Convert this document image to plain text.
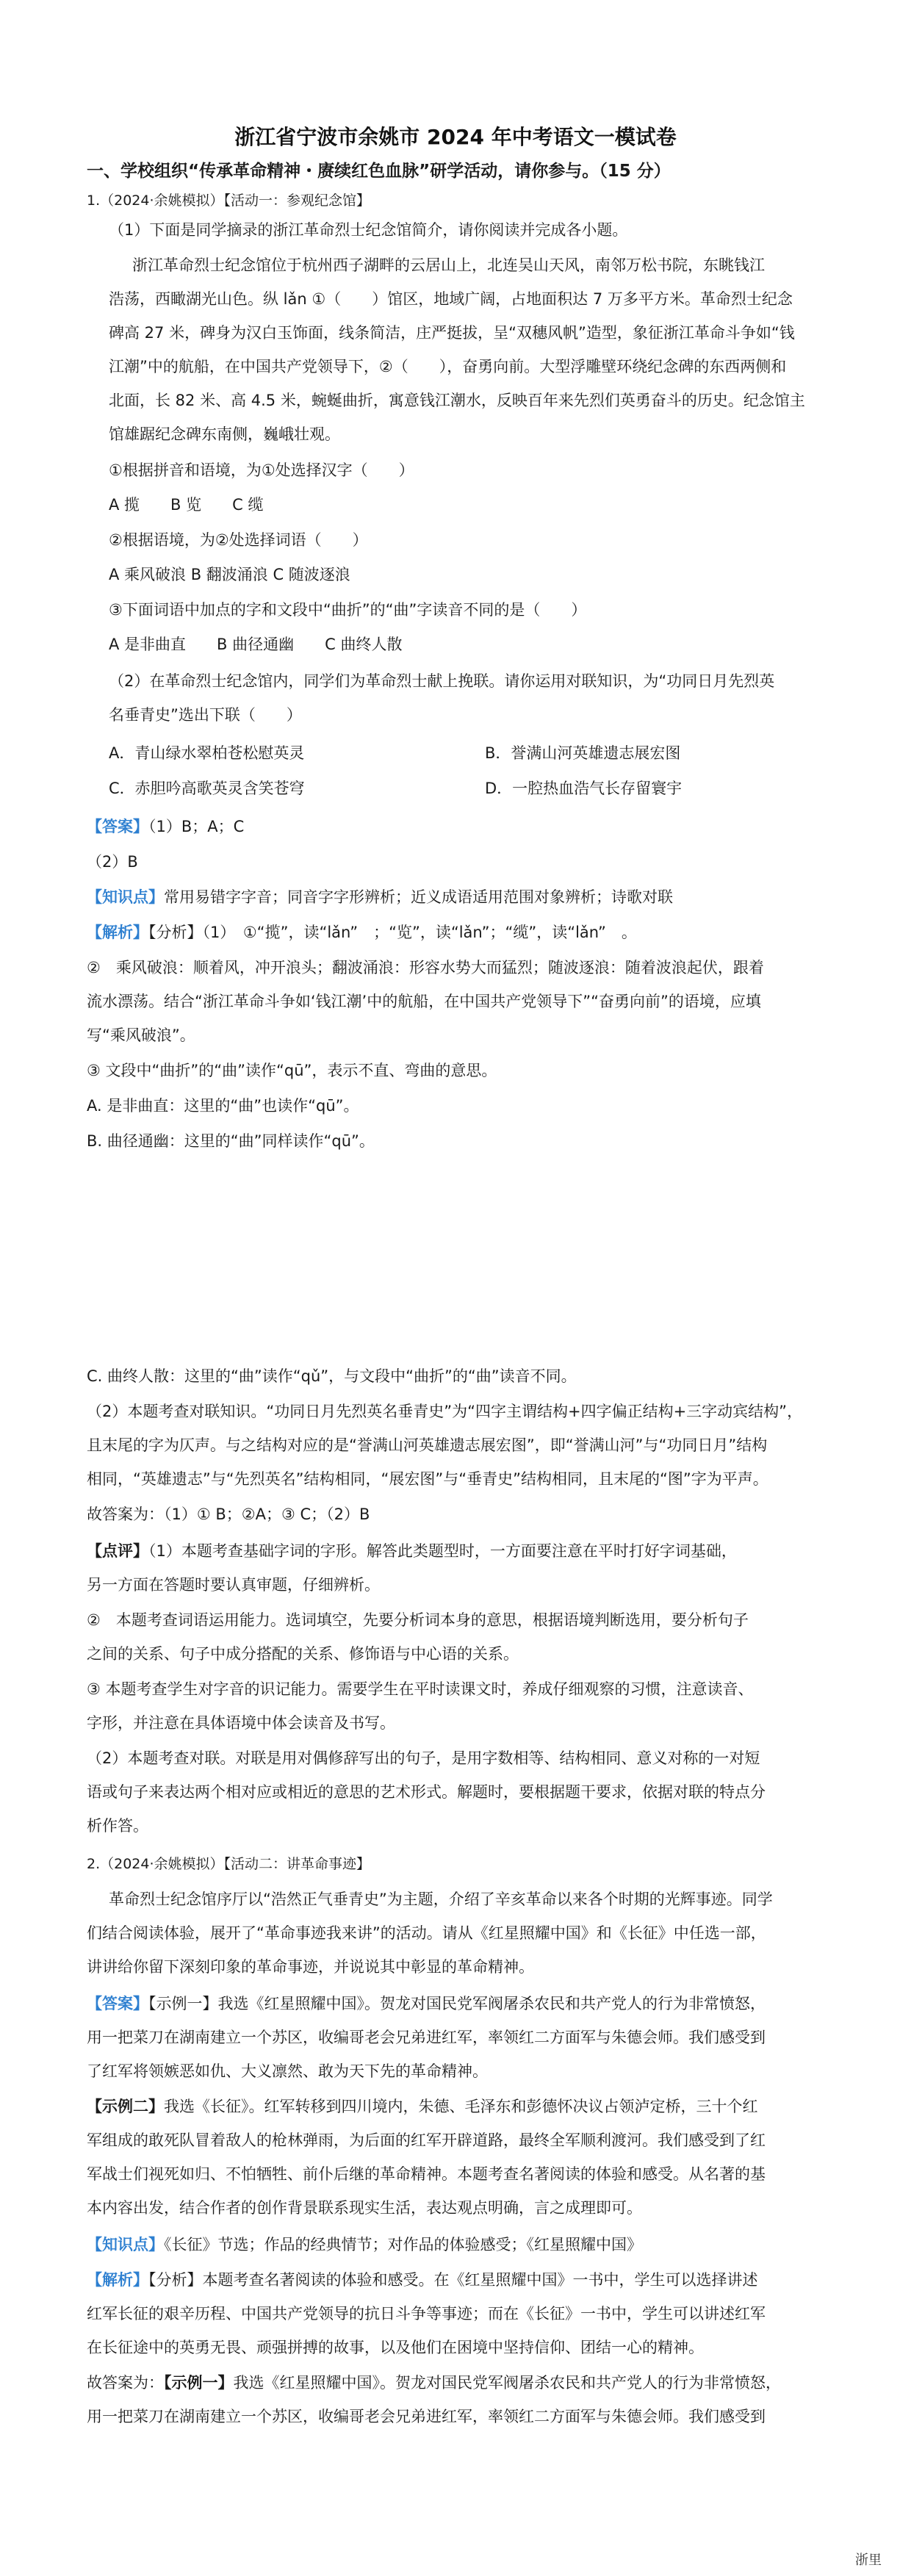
浙江省宁波市余姚市 2024 年中考语文一模试卷

一、学校组织“传承革命精神・赓续红色血脉”研学活动，请你参与。（15 分）

1.（2024·余姚模拟）【活动一：参观纪念馆】

（1）下面是同学摘录的浙江革命烈士纪念馆简介，请你阅读并完成各小题。

浙江革命烈士纪念馆位于杭州西子湖畔的云居山上，北连吴山天风，南邻万松书院，东眺钱江

浩荡，西瞰湖光山色。纵 lǎn ①（　　）馆区，地域广阔，占地面积达 7 万多平方米。革命烈士纪念

碑高 27 米，碑身为汉白玉饰面，线条简洁，庄严挺拔，呈“双穗风帆”造型，象征浙江革命斗争如“钱

江潮”中的航船，在中国共产党领导下，②（　　），奋勇向前。大型浮雕壁环绕纪念碑的东西两侧和

北面，长 82 米、高 4.5 米，蜿蜒曲折，寓意钱江潮水，反映百年来先烈们英勇奋斗的历史。纪念馆主

馆雄踞纪念碑东南侧，巍峨壮观。

①根据拼音和语境，为①处选择汉字（　　）

A 揽　　B 览　　C 缆

②根据语境，为②处选择词语（　　）

A 乘风破浪 B 翻波涌浪 C 随波逐浪

③下面词语中加点的字和文段中“曲折”的“曲”字读音不同的是（　　）

A 是非曲直　　B 曲径通幽　　C 曲终人散

（2）在革命烈士纪念馆内，同学们为革命烈士献上挽联。请你运用对联知识，为“功同日月先烈英

名垂青史”选出下联（　　）

A．青山绿水翠柏苍松慰英灵	B．誉满山河英雄遗志展宏图

C．赤胆吟高歌英灵含笑苍穹	D．一腔热血浩气长存留寰宇

【答案】（1）B；A；C

（2）B

【知识点】常用易错字字音；同音字字形辨析；近义成语适用范围对象辨析；诗歌对联

【解析】【分析】（1）　①“揽”，读“lǎn”　；“览”，读“lǎn”；“缆”，读“lǎn”　。

②　乘风破浪：顺着风，冲开浪头；翻波涌浪：形容水势大而猛烈；随波逐浪：随着波浪起伏，跟着

流水漂荡。结合“浙江革命斗争如‘钱江潮’中的航船，在中国共产党领导下”“奋勇向前”的语境，应填

写“乘风破浪”。

③ 文段中“曲折”的“曲”读作“qū”，表示不直、弯曲的意思。

A. 是非曲直：这里的“曲”也读作“qū”。

B. 曲径通幽：这里的“曲”同样读作“qū”。

C. 曲终人散：这里的“曲”读作“qǔ”，与文段中“曲折”的“曲”读音不同。

（2）本题考查对联知识。“功同日月先烈英名垂青史”为“四字主谓结构+四字偏正结构+三字动宾结构”，

且末尾的字为仄声。与之结构对应的是“誉满山河英雄遗志展宏图”，即“誉满山河”与“功同日月”结构

相同，“英雄遗志”与“先烈英名”结构相同，“展宏图”与“垂青史”结构相同，且末尾的“图”字为平声。

故答案为：（1）① B；②A；③ C；（2）B

【点评】（1）本题考查基础字词的字形。解答此类题型时，一方面要注意在平时打好字词基础，

另一方面在答题时要认真审题，仔细辨析。

②　本题考查词语运用能力。选词填空，先要分析词本身的意思，根据语境判断选用，要分析句子

之间的关系、句子中成分搭配的关系、修饰语与中心语的关系。

③ 本题考查学生对字音的识记能力。需要学生在平时读课文时，养成仔细观察的习惯，注意读音、

字形，并注意在具体语境中体会读音及书写。

（2）本题考查对联。对联是用对偶修辞写出的句子，是用字数相等、结构相同、意义对称的一对短

语或句子来表达两个相对应或相近的意思的艺术形式。解题时，要根据题干要求，依据对联的特点分

析作答。

2.（2024·余姚模拟）【活动二：讲革命事迹】

革命烈士纪念馆序厅以“浩然正气垂青史”为主题，介绍了辛亥革命以来各个时期的光辉事迹。同学

们结合阅读体验，展开了“革命事迹我来讲”的活动。请从《红星照耀中国》和《长征》中任选一部，

讲讲给你留下深刻印象的革命事迹，并说说其中彰显的革命精神。

【答案】【示例一】我选《红星照耀中国》。贺龙对国民党军阀屠杀农民和共产党人的行为非常愤怒，

用一把菜刀在湖南建立一个苏区，收编哥老会兄弟进红军，率领红二方面军与朱德会师。我们感受到

了红军将领嫉恶如仇、大义凛然、敢为天下先的革命精神。

【示例二】我选《长征》。红军转移到四川境内，朱德、毛泽东和彭德怀决议占领泸定桥，三十个红

军组成的敢死队冒着敌人的枪林弹雨，为后面的红军开辟道路，最终全军顺利渡河。我们感受到了红

军战士们视死如归、不怕牺牲、前仆后继的革命精神。本题考查名著阅读的体验和感受。从名著的基

本内容出发，结合作者的创作背景联系现实生活，表达观点明确，言之成理即可。

【知识点】《长征》节选；作品的经典情节；对作品的体验感受；《红星照耀中国》

【解析】【分析】本题考查名著阅读的体验和感受。在《红星照耀中国》一书中，学生可以选择讲述

红军长征的艰辛历程、中国共产党领导的抗日斗争等事迹；而在《长征》一书中，学生可以讲述红军

在长征途中的英勇无畏、顽强拼搏的故事，以及他们在困境中坚持信仰、团结一心的精神。

故答案为：【示例一】我选《红星照耀中国》。贺龙对国民党军阀屠杀农民和共产党人的行为非常愤怒，

用一把菜刀在湖南建立一个苏区，收编哥老会兄弟进红军，率领红二方面军与朱德会师。我们感受到

浙里
